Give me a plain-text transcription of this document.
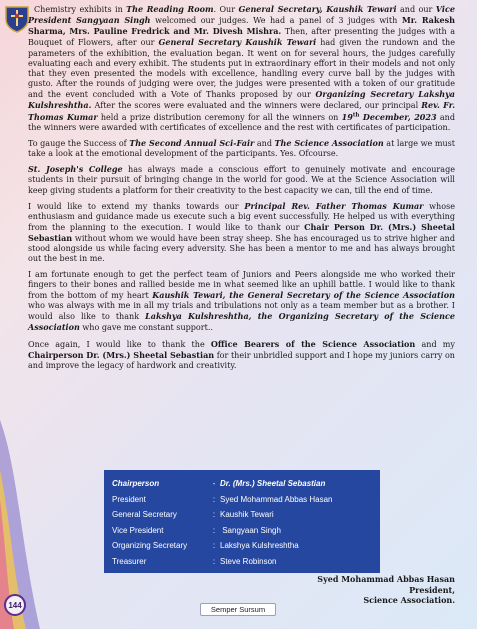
Chemistry exhibits in The Reading Room. Our General Secretary, Kaushik Tewari and our Vice President Sangyaan Singh welcomed our judges. We had a panel of 3 judges with Mr. Rakesh Sharma, Mrs. Pauline Fredrick and Mr. Divesh Mishra. Then, after presenting the judges with a Bouquet of Flowers, after our General Secretary Kaushik Tewari had given the rundown and the parameters of the exhibition, the evaluation began. It went on for several hours, the judges carefully evaluating each and every exhibit. The students put in extraordinary effort in their models and not only that they even presented the models with excellence, handling every curve ball by the judges with gusto. After the rounds of judging were over, the judges were presented with a token of our gratitude and the event concluded with a Vote of Thanks proposed by our Organizing Secretary Lakshya Kulshreshtha. After the scores were evaluated and the winners were declared, our principal Rev. Fr. Thomas Kumar held a prize distribution ceremony for all the winners on 19th December, 2023 and the winners were awarded with certificates of excellence and the rest with certificates of participation.

To gauge the Success of The Second Annual Sci-Fair and The Science Association at large we must take a look at the emotional development of the participants. Yes. Ofcourse.

St. Joseph's College has always made a conscious effort to genuinely motivate and encourage students in their pursuit of bringing change in the world for good. We at the Science Association will keep giving students a platform for their creativity to the best capacity we can, till the end of time.

I would like to extend my thanks towards our Principal Rev. Father Thomas Kumar whose enthusiasm and guidance made us execute such a big event successfully. He helped us with everything from the planning to the execution. I would like to thank our Chair Person Dr. (Mrs.) Sheetal Sebastian without whom we would have been stray sheep. She has encouraged us to strive higher and stood alongside us while facing every adversity. She has been a mentor to me and has always brought out the best in me.

I am fortunate enough to get the perfect team of Juniors and Peers alongside me who worked their fingers to their bones and rallied beside me in what seemed like an uphill battle. I would like to thank from the bottom of my heart Kaushik Tewari, the General Secretary of the Science Association who was always with me in all my trials and tribulations not only as a team member but as a brother. I would also like to thank Lakshya Kulshreshtha, the Organizing Secretary of the Science Association who gave me constant support..

Once again, I would like to thank the Office Bearers of the Science Association and my Chairperson Dr. (Mrs.) Sheetal Sebastian for their unbridled support and I hope my juniors carry on and improve the legacy of hardwork and creativity.

Chairperson	- Dr. (Mrs.) Sheetal Sebastian
President	: Syed Mohammad Abbas Hasan
General Secretary	: Kaushik Tewari
Vice President	: Sangyaan Singh
Organizing Secretary	: Lakshya Kulshreshtha
Treasurer	: Steve Robinson
Syed Mohammad Abbas Hasan
President,
Science Association.
144	Semper Sursum
